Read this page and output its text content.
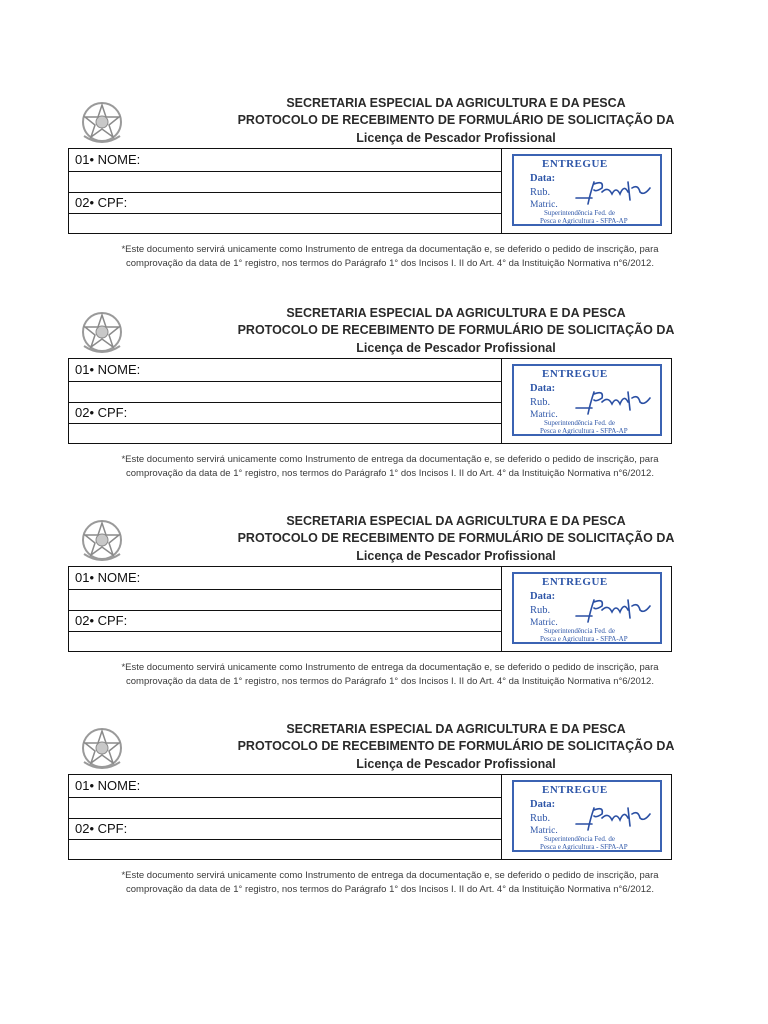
SECRETARIA ESPECIAL DA AGRICULTURA E DA PESCA
PROTOCOLO DE RECEBIMENTO DE FORMULÁRIO DE SOLICITAÇÃO DA
Licença de Pescador Profissional
01• NOME:
02• CPF:
ENTREGUE
Data:
Rub.
Matric.
Superintendência Fed. de
Pesca e Agricultura - SFPA-AP
*Este documento servirá unicamente como Instrumento de entrega da documentação e, se deferido o pedido de inscrição, para
comprovação da data de 1° registro, nos termos do Parágrafo 1° dos Incisos I. II do Art. 4° da Instituição Normativa n°6/2012.
SECRETARIA ESPECIAL DA AGRICULTURA E DA PESCA
PROTOCOLO DE RECEBIMENTO DE FORMULÁRIO DE SOLICITAÇÃO DA
Licença de Pescador Profissional
01• NOME:
02• CPF:
ENTREGUE
Data:
Rub.
Matric.
Superintendência Fed. de
Pesca e Agricultura - SFPA-AP
*Este documento servirá unicamente como Instrumento de entrega da documentação e, se deferido o pedido de inscrição, para
comprovação da data de 1° registro, nos termos do Parágrafo 1° dos Incisos I. II do Art. 4° da Instituição Normativa n°6/2012.
SECRETARIA ESPECIAL DA AGRICULTURA E DA PESCA
PROTOCOLO DE RECEBIMENTO DE FORMULÁRIO DE SOLICITAÇÃO DA
Licença de Pescador Profissional
01• NOME:
02• CPF:
ENTREGUE
Data:
Rub.
Matric.
Superintendência Fed. de
Pesca e Agricultura - SFPA-AP
*Este documento servirá unicamente como Instrumento de entrega da documentação e, se deferido o pedido de inscrição, para
comprovação da data de 1° registro, nos termos do Parágrafo 1° dos Incisos I. II do Art. 4° da Instituição Normativa n°6/2012.
SECRETARIA ESPECIAL DA AGRICULTURA E DA PESCA
PROTOCOLO DE RECEBIMENTO DE FORMULÁRIO DE SOLICITAÇÃO DA
Licença de Pescador Profissional
01• NOME:
02• CPF:
ENTREGUE
Data:
Rub.
Matric.
Superintendência Fed. de
Pesca e Agricultura - SFPA-AP
*Este documento servirá unicamente como Instrumento de entrega da documentação e, se deferido o pedido de inscrição, para
comprovação da data de 1° registro, nos termos do Parágrafo 1° dos Incisos I. II do Art. 4° da Instituição Normativa n°6/2012.
